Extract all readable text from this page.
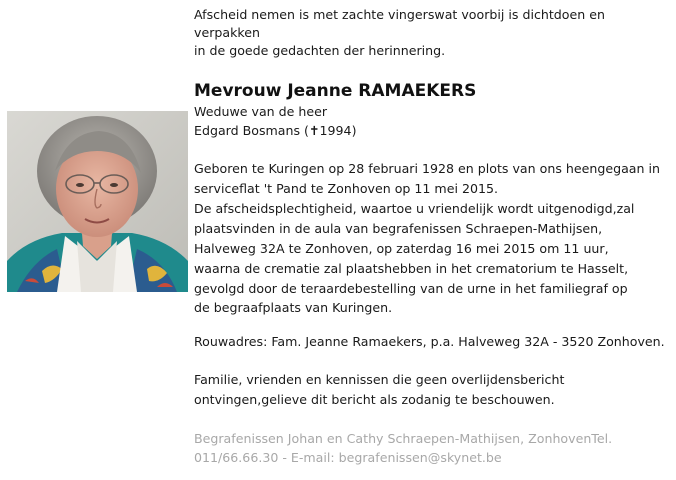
Afscheid nemen is met zachte vingerswat voorbij is dichtdoen en
verpakken
in de goede gedachten der herinnering.
Mevrouw Jeanne RAMAEKERS
Weduwe van de heer
Edgard Bosmans (✝1994)
Geboren te Kuringen op 28 februari 1928 en plots van ons heengegaan in
serviceflat 't Pand te Zonhoven op 11 mei 2015.
De afscheidsplechtigheid, waartoe u vriendelijk wordt uitgenodigd,zal
plaatsvinden in de aula van begrafenissen Schraepen-Mathijsen,
Halveweg 32A te Zonhoven, op zaterdag 16 mei 2015 om 11 uur,
waarna de crematie zal plaatshebben in het crematorium te Hasselt,
gevolgd door de teraardebestelling van de urne in het familiegraf op
de begraafplaats van Kuringen.
Rouwadres: Fam. Jeanne Ramaekers, p.a. Halveweg 32A - 3520 Zonhoven.
Familie, vrienden en kennissen die geen overlijdensbericht
ontvingen,gelieve dit bericht als zodanig te beschouwen.
Begrafenissen Johan en Cathy Schraepen-Mathijsen, ZonhovenTel.
011/66.66.30 - E-mail: begrafenissen@skynet.be
